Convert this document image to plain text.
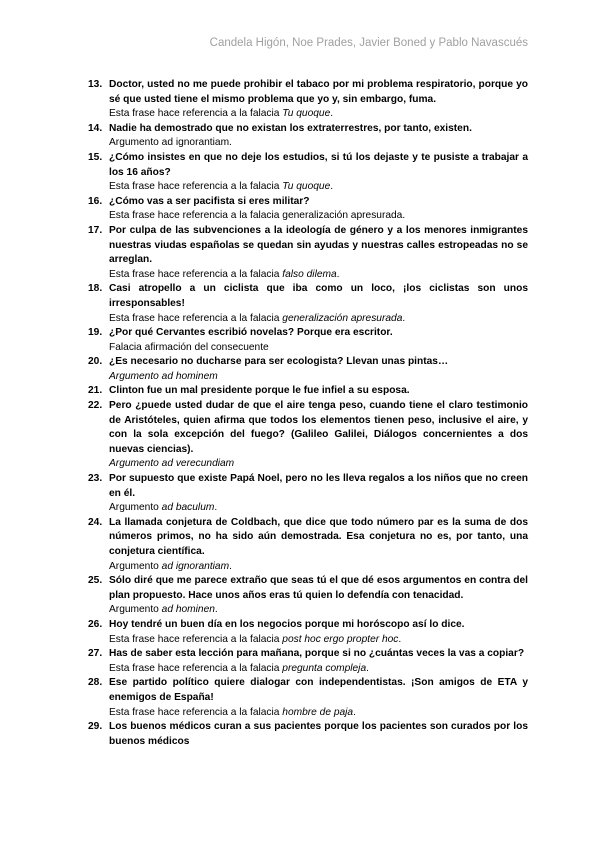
Candela Higón, Noe Prades, Javier Boned y Pablo Navascués
13. Doctor, usted no me puede prohibir el tabaco por mi problema respiratorio, porque yo sé que usted tiene el mismo problema que yo y, sin embargo, fuma.
Esta frase hace referencia a la falacia Tu quoque.
14. Nadie ha demostrado que no existan los extraterrestres, por tanto, existen.
Argumento ad ignorantiam.
15. ¿Cómo insistes en que no deje los estudios, si tú los dejaste y te pusiste a trabajar a los 16 años?
Esta frase hace referencia a la falacia Tu quoque.
16. ¿Cómo vas a ser pacifista si eres militar?
Esta frase hace referencia a la falacia generalización apresurada.
17. Por culpa de las subvenciones a la ideología de género y a los menores inmigrantes nuestras viudas españolas se quedan sin ayudas y nuestras calles estropeadas no se arreglan.
Esta frase hace referencia a la falacia falso dilema.
18. Casi atropello a un ciclista que iba como un loco, ¡los ciclistas son unos irresponsables!
Esta frase hace referencia a la falacia generalización apresurada.
19. ¿Por qué Cervantes escribió novelas? Porque era escritor.
Falacia afirmación del consecuente
20. ¿Es necesario no ducharse para ser ecologista? Llevan unas pintas…
Argumento ad hominem
21. Clinton fue un mal presidente porque le fue infiel a su esposa.
22. Pero ¿puede usted dudar de que el aire tenga peso, cuando tiene el claro testimonio de Aristóteles, quien afirma que todos los elementos tienen peso, inclusive el aire, y con la sola excepción del fuego? (Galileo Galilei, Diálogos concernientes a dos nuevas ciencias).
Argumento ad verecundiam
23. Por supuesto que existe Papá Noel, pero no les lleva regalos a los niños que no creen en él.
Argumento ad baculum.
24. La llamada conjetura de Coldbach, que dice que todo número par es la suma de dos números primos, no ha sido aún demostrada. Esa conjetura no es, por tanto, una conjetura científica.
Argumento ad ignorantiam.
25. Sólo diré que me parece extraño que seas tú el que dé esos argumentos en contra del plan propuesto. Hace unos años eras tú quien lo defendía con tenacidad.
Argumento ad hominen.
26. Hoy tendré un buen día en los negocios porque mi horóscopo así lo dice.
Esta frase hace referencia a la falacia post hoc ergo propter hoc.
27. Has de saber esta lección para mañana, porque si no ¿cuántas veces la vas a copiar?
Esta frase hace referencia a la falacia pregunta compleja.
28. Ese partido político quiere dialogar con independentistas. ¡Son amigos de ETA y enemigos de España!
Esta frase hace referencia a la falacia hombre de paja.
29. Los buenos médicos curan a sus pacientes porque los pacientes son curados por los buenos médicos
